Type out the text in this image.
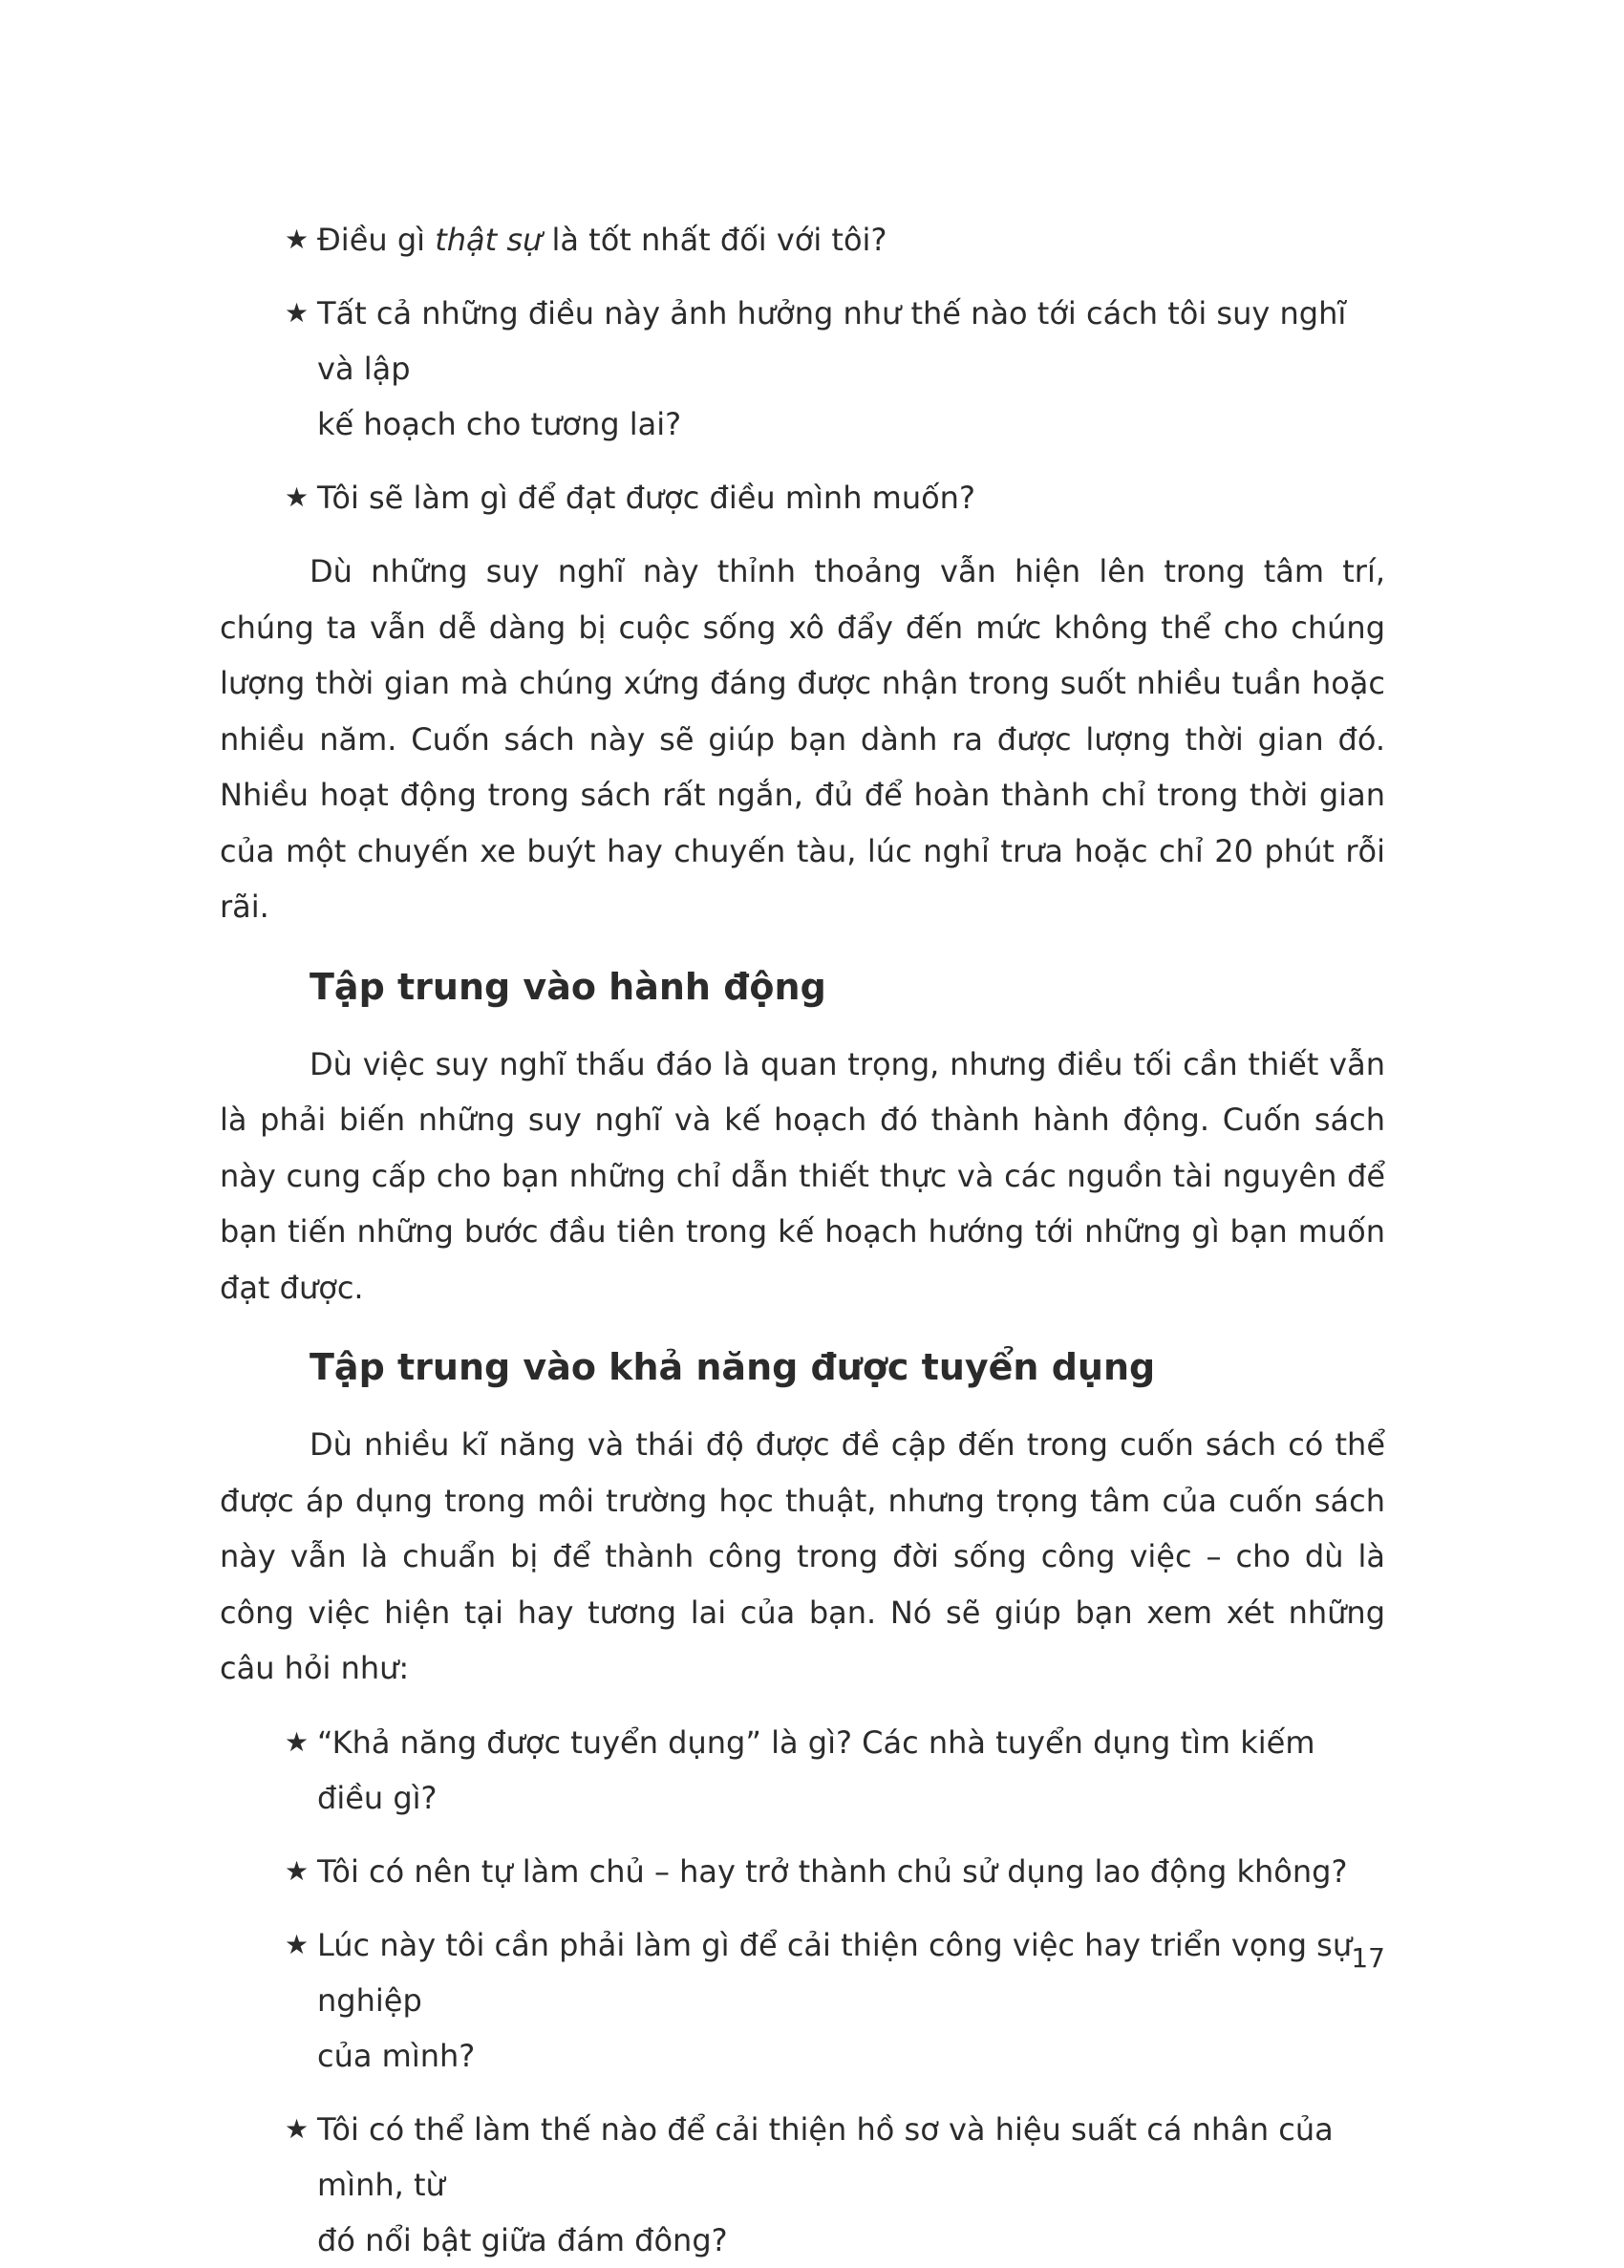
★ Điều gì thật sự là tốt nhất đối với tôi?
★ Tất cả những điều này ảnh hưởng như thế nào tới cách tôi suy nghĩ và lập
kế hoạch cho tương lai?
★ Tôi sẽ làm gì để đạt được điều mình muốn?

Dù những suy nghĩ này thỉnh thoảng vẫn hiện lên trong tâm trí, chúng ta vẫn dễ dàng bị cuộc sống xô đẩy đến mức không thể cho chúng lượng thời gian mà chúng xứng đáng được nhận trong suốt nhiều tuần hoặc nhiều năm. Cuốn sách này sẽ giúp bạn dành ra được lượng thời gian đó. Nhiều hoạt động trong sách rất ngắn, đủ để hoàn thành chỉ trong thời gian của một chuyến xe buýt hay chuyến tàu, lúc nghỉ trưa hoặc chỉ 20 phút rỗi rãi.

Tập trung vào hành động

Dù việc suy nghĩ thấu đáo là quan trọng, nhưng điều tối cần thiết vẫn là phải biến những suy nghĩ và kế hoạch đó thành hành động. Cuốn sách này cung cấp cho bạn những chỉ dẫn thiết thực và các nguồn tài nguyên để bạn tiến những bước đầu tiên trong kế hoạch hướng tới những gì bạn muốn đạt được.

Tập trung vào khả năng được tuyển dụng

Dù nhiều kĩ năng và thái độ được đề cập đến trong cuốn sách có thể được áp dụng trong môi trường học thuật, nhưng trọng tâm của cuốn sách này vẫn là chuẩn bị để thành công trong đời sống công việc – cho dù là công việc hiện tại hay tương lai của bạn. Nó sẽ giúp bạn xem xét những câu hỏi như:

★ “Khả năng được tuyển dụng” là gì? Các nhà tuyển dụng tìm kiếm điều gì?
★ Tôi có nên tự làm chủ – hay trở thành chủ sử dụng lao động không?
★ Lúc này tôi cần phải làm gì để cải thiện công việc hay triển vọng sự nghiệp
của mình?
★ Tôi có thể làm thế nào để cải thiện hồ sơ và hiệu suất cá nhân của mình, từ
đó nổi bật giữa đám đông?
17
